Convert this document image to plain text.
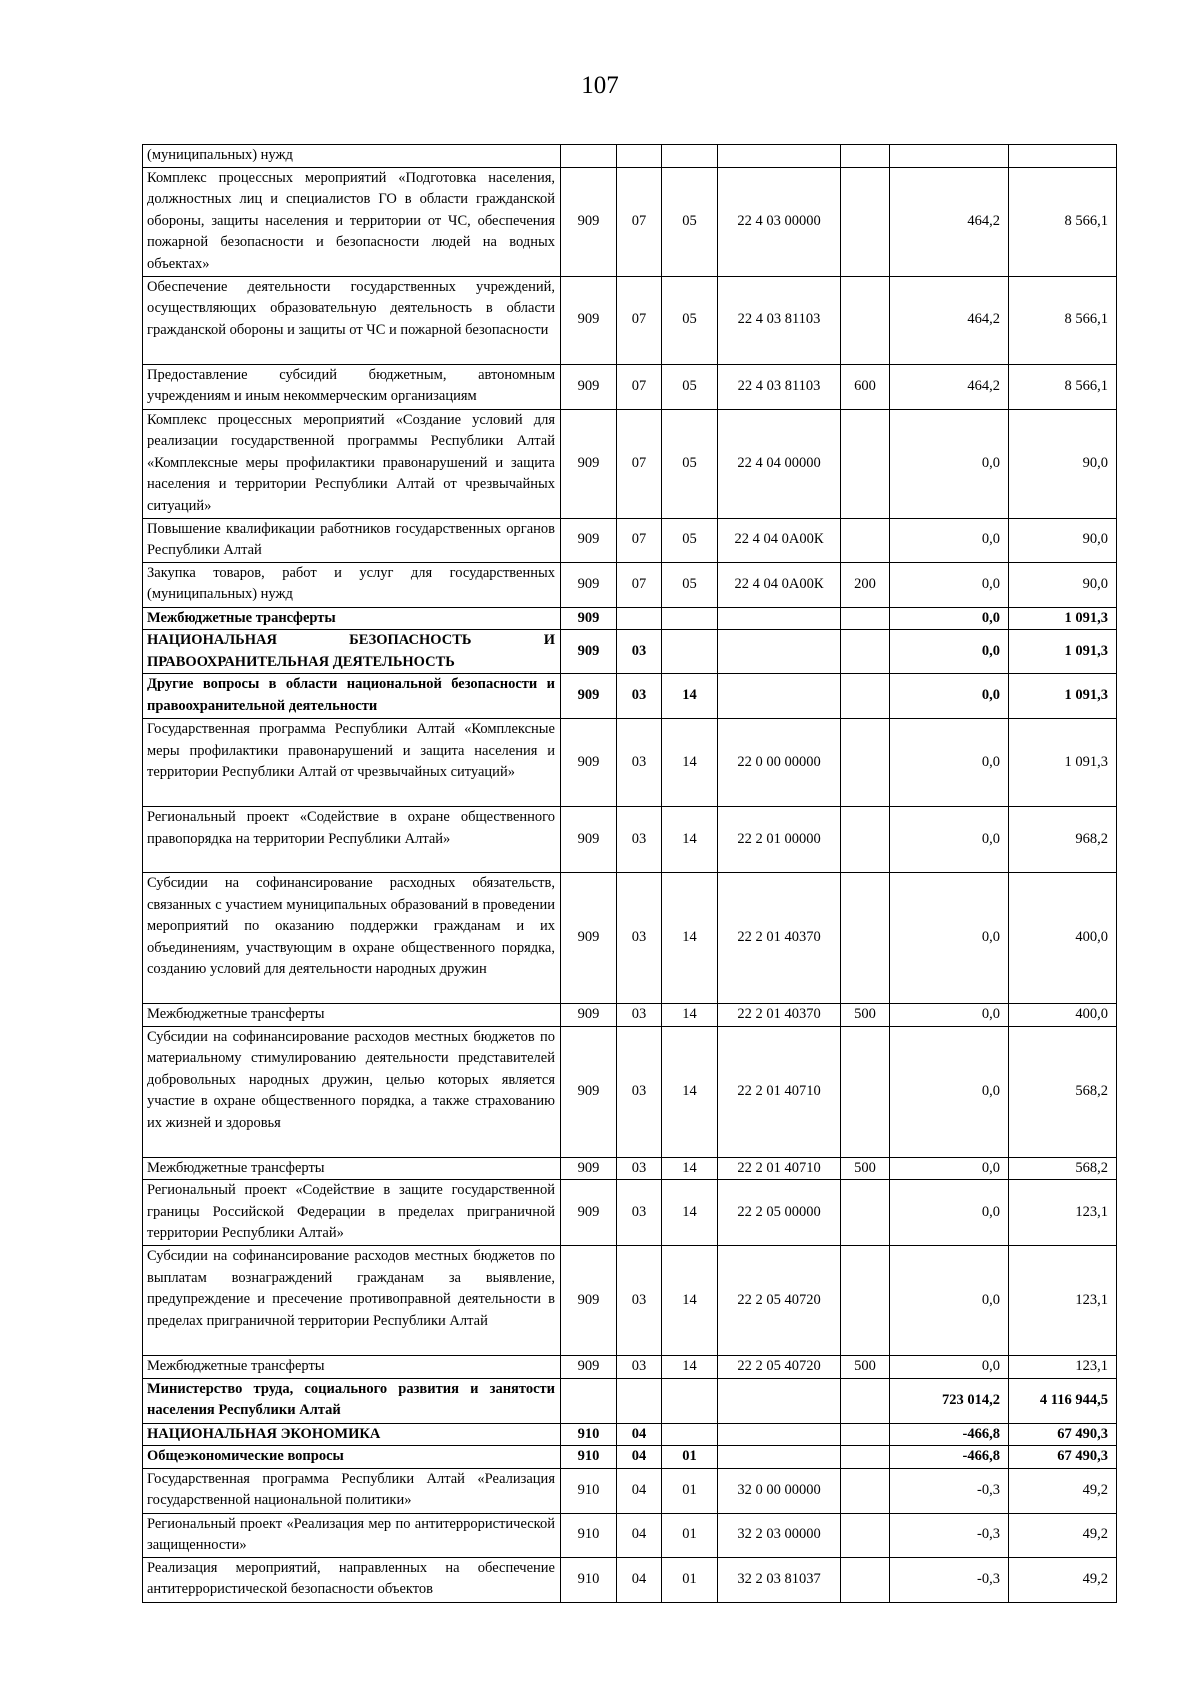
107
(муниципальных) нужд							
Комплекс процессных мероприятий «Подготовка населения, должностных лиц и специалистов ГО в области гражданской обороны, защиты населения и территории от ЧС, обеспечения пожарной безопасности и безопасности людей на водных объектах»	909	07	05	22 4 03 00000		464,2	8 566,1
Обеспечение деятельности государственных учреждений, осуществляющих образовательную деятельность в области гражданской обороны и защиты от ЧС и пожарной безопасности	909	07	05	22 4 03 81103		464,2	8 566,1
Предоставление субсидий бюджетным, автономным учреждениям и иным некоммерческим организациям	909	07	05	22 4 03 81103	600	464,2	8 566,1
Комплекс процессных мероприятий «Создание условий для реализации государственной программы Республики Алтай «Комплексные меры профилактики правонарушений и защита населения и территории Республики Алтай от чрезвычайных ситуаций»	909	07	05	22 4 04 00000		0,0	90,0
Повышение квалификации работников государственных органов Республики Алтай	909	07	05	22 4 04 0А00К		0,0	90,0
Закупка товаров, работ и услуг для государственных (муниципальных) нужд	909	07	05	22 4 04 0А00К	200	0,0	90,0
Межбюджетные трансферты	909					0,0	1 091,3
НАЦИОНАЛЬНАЯ БЕЗОПАСНОСТЬ И ПРАВООХРАНИТЕЛЬНАЯ ДЕЯТЕЛЬНОСТЬ	909	03				0,0	1 091,3
Другие вопросы в области национальной безопасности и правоохранительной деятельности	909	03	14			0,0	1 091,3
Государственная программа Республики Алтай «Комплексные меры профилактики правонарушений и защита населения и территории Республики Алтай от чрезвычайных ситуаций»	909	03	14	22 0 00 00000		0,0	1 091,3
Региональный проект «Содействие в охране общественного правопорядка на территории Республики Алтай»	909	03	14	22 2 01 00000		0,0	968,2
Субсидии на софинансирование расходных обязательств, связанных с участием муниципальных образований в проведении мероприятий по оказанию поддержки гражданам и их объединениям, участвующим в охране общественного порядка, созданию условий для деятельности народных дружин	909	03	14	22 2 01 40370		0,0	400,0
Межбюджетные трансферты	909	03	14	22 2 01 40370	500	0,0	400,0
Субсидии на софинансирование расходов местных бюджетов по материальному стимулированию деятельности представителей добровольных народных дружин, целью которых является участие в охране общественного порядка, а также страхованию их жизней и здоровья	909	03	14	22 2 01 40710		0,0	568,2
Межбюджетные трансферты	909	03	14	22 2 01 40710	500	0,0	568,2
Региональный проект «Содействие в защите государственной границы Российской Федерации в пределах приграничной территории Республики Алтай»	909	03	14	22 2 05 00000		0,0	123,1
Субсидии на софинансирование расходов местных бюджетов по выплатам вознаграждений гражданам за выявление, предупреждение и пресечение противоправной деятельности в пределах приграничной территории Республики Алтай	909	03	14	22 2 05 40720		0,0	123,1
Межбюджетные трансферты	909	03	14	22 2 05 40720	500	0,0	123,1
Министерство труда, социального развития и занятости населения Республики Алтай						723 014,2	4 116 944,5
НАЦИОНАЛЬНАЯ ЭКОНОМИКА	910	04				-466,8	67 490,3
Общеэкономические вопросы	910	04	01			-466,8	67 490,3
Государственная программа Республики Алтай «Реализация государственной национальной политики»	910	04	01	32 0 00 00000		-0,3	49,2
Региональный проект «Реализация мер по антитеррористической защищенности»	910	04	01	32 2 03 00000		-0,3	49,2
Реализация мероприятий, направленных на обеспечение антитеррористической безопасности объектов	910	04	01	32 2 03 81037		-0,3	49,2
